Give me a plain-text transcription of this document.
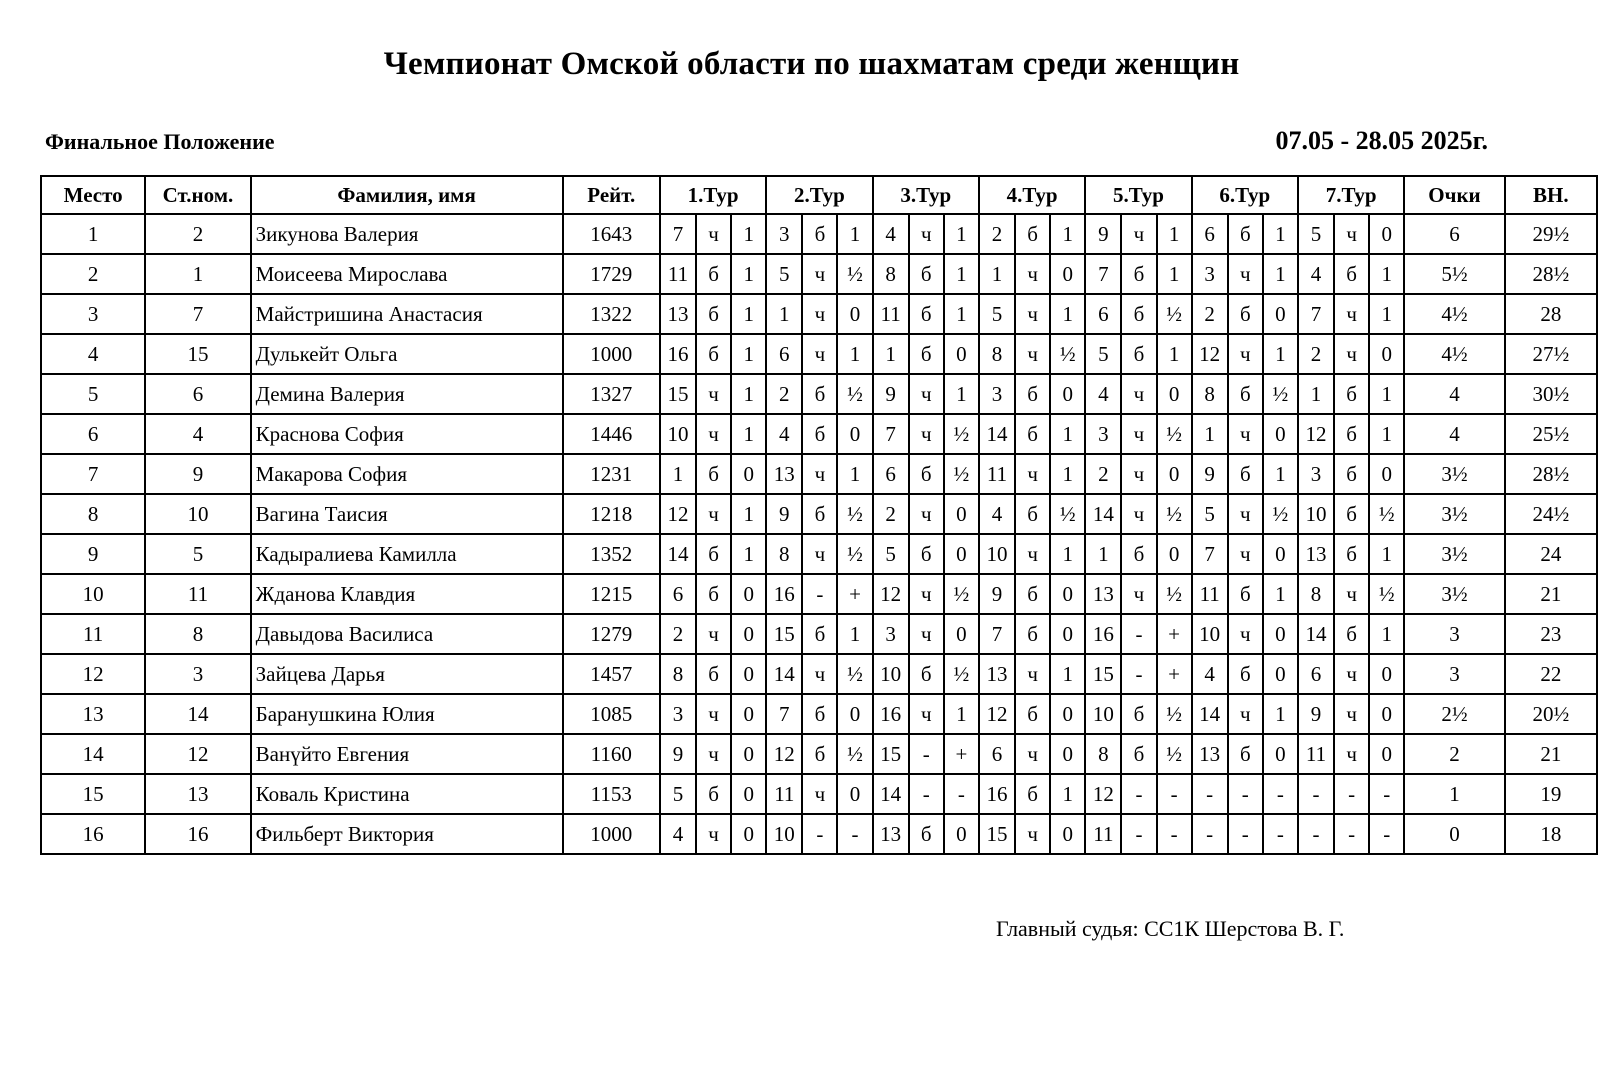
Чемпионат Омской области по шахматам среди женщин
Финальное Положение	07.05 - 28.05 2025г.
Место	Ст.ном.	Фамилия, имя	Рейт.	1.Тур			2.Тур			3.Тур			4.Тур			5.Тур			6.Тур			7.Тур			Очки	ВН.
1	2	Зикунова Валерия	1643	7	ч	1	3	б	1	4	ч	1	2	б	1	9	ч	1	6	б	1	5	ч	0	6	29½
2	1	Моисеева Мирослава	1729	11	б	1	5	ч	½	8	б	1	1	ч	0	7	б	1	3	ч	1	4	б	1	5½	28½
3	7	Майстришина Анастасия	1322	13	б	1	1	ч	0	11	б	1	5	ч	1	6	б	½	2	б	0	7	ч	1	4½	28
4	15	Дулькейт Ольга	1000	16	б	1	6	ч	1	1	б	0	8	ч	½	5	б	1	12	ч	1	2	ч	0	4½	27½
5	6	Демина Валерия	1327	15	ч	1	2	б	½	9	ч	1	3	б	0	4	ч	0	8	б	½	1	б	1	4	30½
6	4	Краснова София	1446	10	ч	1	4	б	0	7	ч	½	14	б	1	3	ч	½	1	ч	0	12	б	1	4	25½
7	9	Макарова София	1231	1	б	0	13	ч	1	6	б	½	11	ч	1	2	ч	0	9	б	1	3	б	0	3½	28½
8	10	Вагина Таисия	1218	12	ч	1	9	б	½	2	ч	0	4	б	½	14	ч	½	5	ч	½	10	б	½	3½	24½
9	5	Кадыралиева Камилла	1352	14	б	1	8	ч	½	5	б	0	10	ч	1	1	б	0	7	ч	0	13	б	1	3½	24
10	11	Жданова Клавдия	1215	6	б	0	16	-	+	12	ч	½	9	б	0	13	ч	½	11	б	1	8	ч	½	3½	21
11	8	Давыдова Василиса	1279	2	ч	0	15	б	1	3	ч	0	7	б	0	16	-	+	10	ч	0	14	б	1	3	23
12	3	Зайцева Дарья	1457	8	б	0	14	ч	½	10	б	½	13	ч	1	15	-	+	4	б	0	6	ч	0	3	22
13	14	Баранушкина Юлия	1085	3	ч	0	7	б	0	16	ч	1	12	б	0	10	б	½	14	ч	1	9	ч	0	2½	20½
14	12	Ванүйто Евгения	1160	9	ч	0	12	б	½	15	-	+	6	ч	0	8	б	½	13	б	0	11	ч	0	2	21
15	13	Коваль Кристина	1153	5	б	0	11	ч	0	14	-	-	16	б	1	12	-	-	-	-	-	-	-	-	1	19
16	16	Фильберт Виктория	1000	4	ч	0	10	-	-	13	б	0	15	ч	0	11	-	-	-	-	-	-	-	-	0	18
Главный судья: СС1К Шерстова В. Г.
